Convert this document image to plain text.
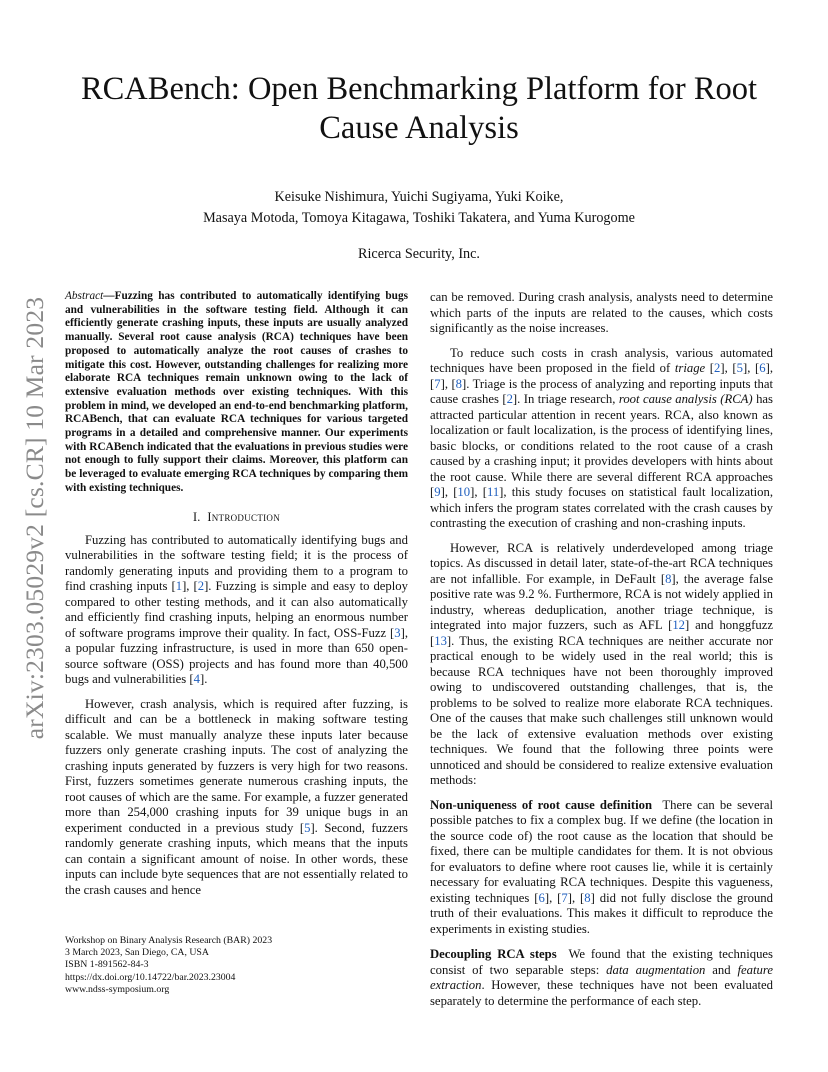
arXiv:2303.05029v2 [cs.CR] 10 Mar 2023
RCABench: Open Benchmarking Platform for Root Cause Analysis
Keisuke Nishimura, Yuichi Sugiyama, Yuki Koike,
Masaya Motoda, Tomoya Kitagawa, Toshiki Takatera, and Yuma Kurogome
Ricerca Security, Inc.

Abstract—Fuzzing has contributed to automatically identifying bugs and vulnerabilities in the software testing field. Although it can efficiently generate crashing inputs, these inputs are usually analyzed manually. Several root cause analysis (RCA) techniques have been proposed to automatically analyze the root causes of crashes to mitigate this cost. However, outstanding challenges for realizing more elaborate RCA techniques remain unknown owing to the lack of extensive evaluation methods over existing techniques. With this problem in mind, we developed an end-to-end benchmarking platform, RCABench, that can evaluate RCA techniques for various targeted programs in a detailed and comprehensive manner. Our experiments with RCABench indicated that the evaluations in previous studies were not enough to fully support their claims. Moreover, this platform can be leveraged to evaluate emerging RCA techniques by comparing them with existing techniques.

I. Introduction

Fuzzing has contributed to automatically identifying bugs and vulnerabilities in the software testing field; it is the process of randomly generating inputs and providing them to a program to find crashing inputs [ 1 ] , [ 2 ] . Fuzzing is simple and easy to deploy compared to other testing methods, and it can also automatically and efficiently find crashing inputs, helping an enormous number of software programs improve their quality. In fact, OSS-Fuzz [ 3 ] , a popular fuzzing infrastructure, is used in more than 650 open-source software (OSS) projects and has found more than 40,500 bugs and vulnerabilities [ 4 ] .

However, crash analysis, which is required after fuzzing, is difficult and can be a bottleneck in making software testing scalable. We must manually analyze these inputs later because fuzzers only generate crashing inputs. The cost of analyzing the crashing inputs generated by fuzzers is very high for two reasons. First, fuzzers sometimes generate numerous crashing inputs, the root causes of which are the same. For example, a fuzzer generated more than 254,000 crashing inputs for 39 unique bugs in an experiment conducted in a previous study [ 5 ] . Second, fuzzers randomly generate crashing inputs, which means that the inputs can contain a significant amount of noise. In other words, these inputs can include byte sequences that are not essentially related to the crash causes and hence

Workshop on Binary Analysis Research (BAR) 2023
3 March 2023, San Diego, CA, USA
ISBN 1-891562-84-3
https://dx.doi.org/10.14722/bar.2023.23004
www.ndss-symposium.org

can be removed. During crash analysis, analysts need to determine which parts of the inputs are related to the causes, which costs significantly as the noise increases.

To reduce such costs in crash analysis, various automated techniques have been proposed in the field of triage [ 2 ] , [ 5 ] , [ 6 ] , [ 7 ] , [ 8 ] . Triage is the process of analyzing and reporting inputs that cause crashes [ 2 ] . In triage research, root cause analysis (RCA) has attracted particular attention in recent years. RCA, also known as localization or fault localization, is the process of identifying lines, basic blocks, or conditions related to the root cause of a crash caused by a crashing input; it provides developers with hints about the root cause. While there are several different RCA approaches [ 9 ] , [ 10 ] , [ 11 ] , this study focuses on statistical fault localization, which infers the program states correlated with the crash causes by contrasting the execution of crashing and non-crashing inputs.

However, RCA is relatively underdeveloped among triage topics. As discussed in detail later, state-of-the-art RCA techniques are not infallible. For example, in DeFault [ 8 ] , the average false positive rate was 9.2 %. Furthermore, RCA is not widely applied in industry, whereas deduplication, another triage technique, is integrated into major fuzzers, such as AFL [ 12 ] and honggfuzz [ 13 ] . Thus, the existing RCA techniques are neither accurate nor practical enough to be widely used in the real world; this is because RCA techniques have not been thoroughly improved owing to undiscovered outstanding challenges, that is, the problems to be solved to realize more elaborate RCA techniques. One of the causes that make such challenges still unknown would be the lack of extensive evaluation methods over existing techniques. We found that the following three points were unnoticed and should be considered to realize extensive evaluation methods:

Non-uniqueness of root cause definition There can be several possible patches to fix a complex bug. If we define (the location in the source code of) the root cause as the location that should be fixed, there can be multiple candidates for them. It is not obvious for evaluators to define where root causes lie, while it is certainly necessary for evaluating RCA techniques. Despite this vagueness, existing techniques [ 6 ] , [ 7 ] , [ 8 ] did not fully disclose the ground truth of their evaluations. This makes it difficult to reproduce the experiments in existing studies.

Decoupling RCA steps We found that the existing techniques consist of two separable steps: data augmentation and feature extraction. However, these techniques have not been evaluated separately to determine the performance of each step.
